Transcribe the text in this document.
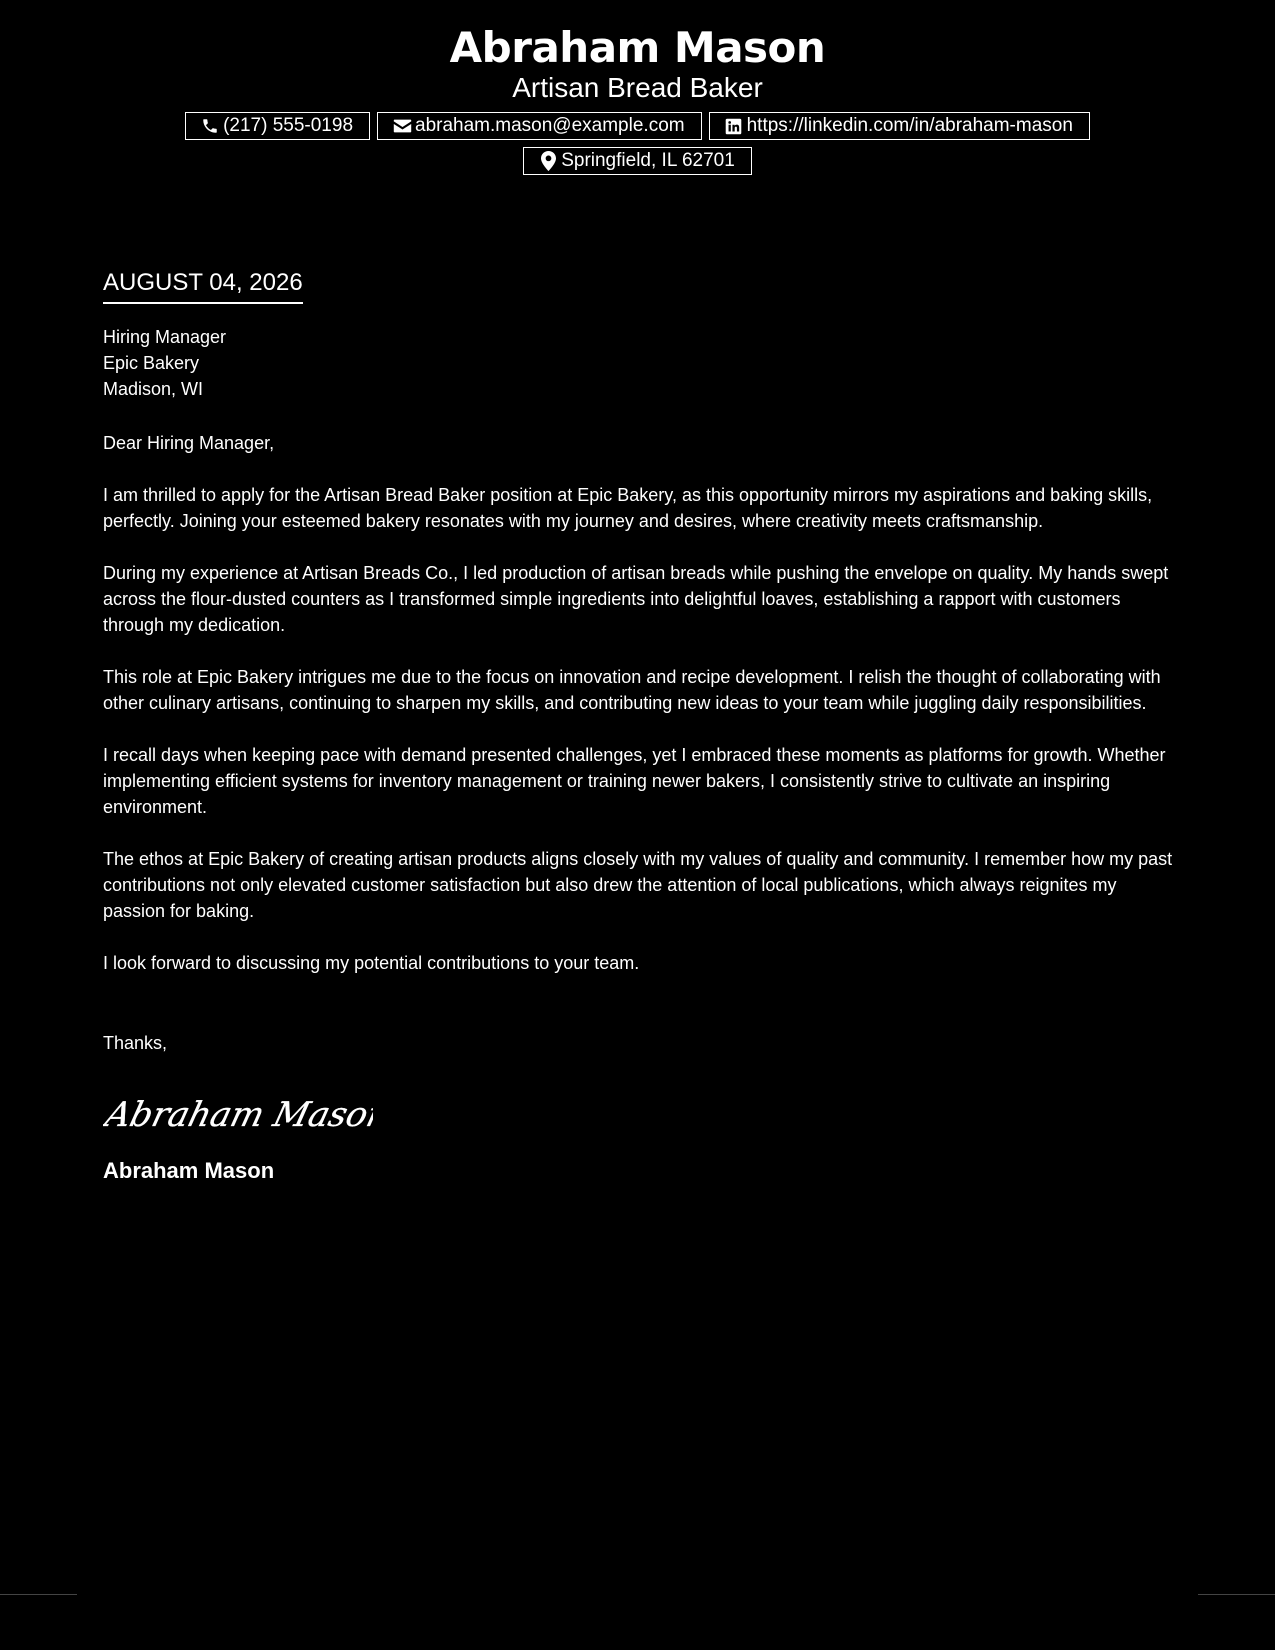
Abraham Mason
Artisan Bread Baker
(217) 555-0198	abraham.mason@example.com	https://linkedin.com/in/abraham-mason
Springfield, IL 62701
AUGUST 04, 2026
Hiring Manager
Epic Bakery
Madison, WI
Dear Hiring Manager,
I am thrilled to apply for the Artisan Bread Baker position at Epic Bakery, as this opportunity mirrors my aspirations and baking skills, perfectly. Joining your esteemed bakery resonates with my journey and desires, where creativity meets craftsmanship.
During my experience at Artisan Breads Co., I led production of artisan breads while pushing the envelope on quality. My hands swept across the flour-dusted counters as I transformed simple ingredients into delightful loaves, establishing a rapport with customers through my dedication.
This role at Epic Bakery intrigues me due to the focus on innovation and recipe development. I relish the thought of collaborating with other culinary artisans, continuing to sharpen my skills, and contributing new ideas to your team while juggling daily responsibilities.
I recall days when keeping pace with demand presented challenges, yet I embraced these moments as platforms for growth. Whether implementing efficient systems for inventory management or training newer bakers, I consistently strive to cultivate an inspiring environment.
The ethos at Epic Bakery of creating artisan products aligns closely with my values of quality and community. I remember how my past contributions not only elevated customer satisfaction but also drew the attention of local publications, which always reignites my passion for baking.
I look forward to discussing my potential contributions to your team.
Thanks,
Abraham Mason
Abraham Mason
